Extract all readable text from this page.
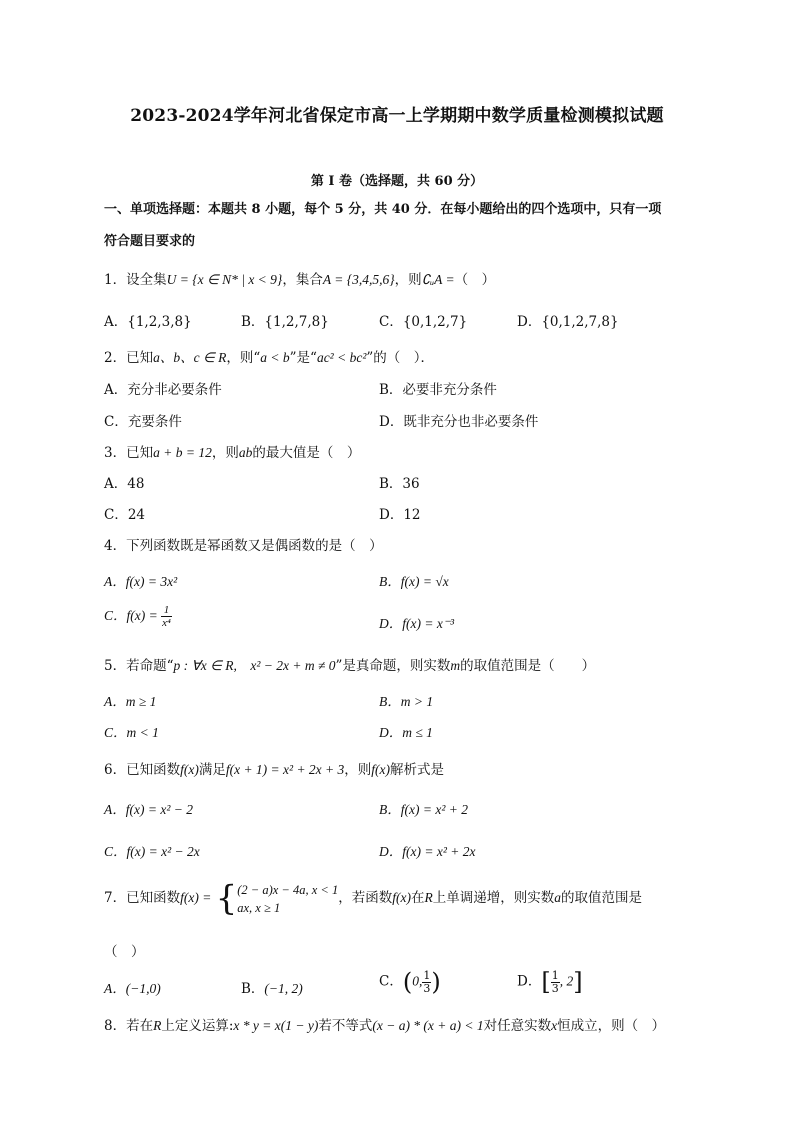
2023-2024学年河北省保定市高一上学期期中数学质量检测模拟试题
第 I 卷（选择题，共 60 分）
一、单项选择题：本题共 8 小题，每个 5 分，共 40 分．在每小题给出的四个选项中，只有一项
符合题目要求的
1．设全集U = {x ∈ N* | x < 9}，集合A = {3,4,5,6}，则∁ᵤA =（　）
A．{1,2,3,8}	B．{1,2,7,8}	C．{0,1,2,7}	D．{0,1,2,7,8}
2．已知a、b、c ∈ R，则“a < b”是“ac² < bc²”的（　）．
A．充分非必要条件	B．必要非充分条件
C．充要条件	D．既非充分也非必要条件
3．已知a + b = 12，则ab的最大值是（　）
A．48	B．36
C．24	D．12
4．下列函数既是幂函数又是偶函数的是（　）
A．f(x) = 3x²	B．f(x) = √x
C．$f(x) = \frac{1}{\text{x⁴}}$	D．f(x) = x⁻³
5．若命题“p : ∀x ∈ R,　x² − 2x + m ≠ 0”是真命题，则实数m的取值范围是（　　）
A．m ≥ 1	B．m > 1
C．m < 1	D．m ≤ 1
6．已知函数f(x)满足f(x + 1) = x² + 2x + 3，则f(x)解析式是
A．f(x) = x² − 2	B．f(x) = x² + 2
C．f(x) = x² − 2x	D．f(x) = x² + 2x
7．已知函数f(x) = { (2 − a)x − 4a, x < 1
ax, x ≥ 1
，若函数f(x)在R上单调递增，则实数a的取值范围是
（　）
A．(−1,0)	B．(−1, 2)	C．(0, $\frac{1}{3}$ )	D．[ $\frac{1}{3}$ , 2]
8．若在R上定义运算:x * y = x(1 − y)若不等式(x − a) * (x + a) < 1对任意实数x恒成立，则（　）
